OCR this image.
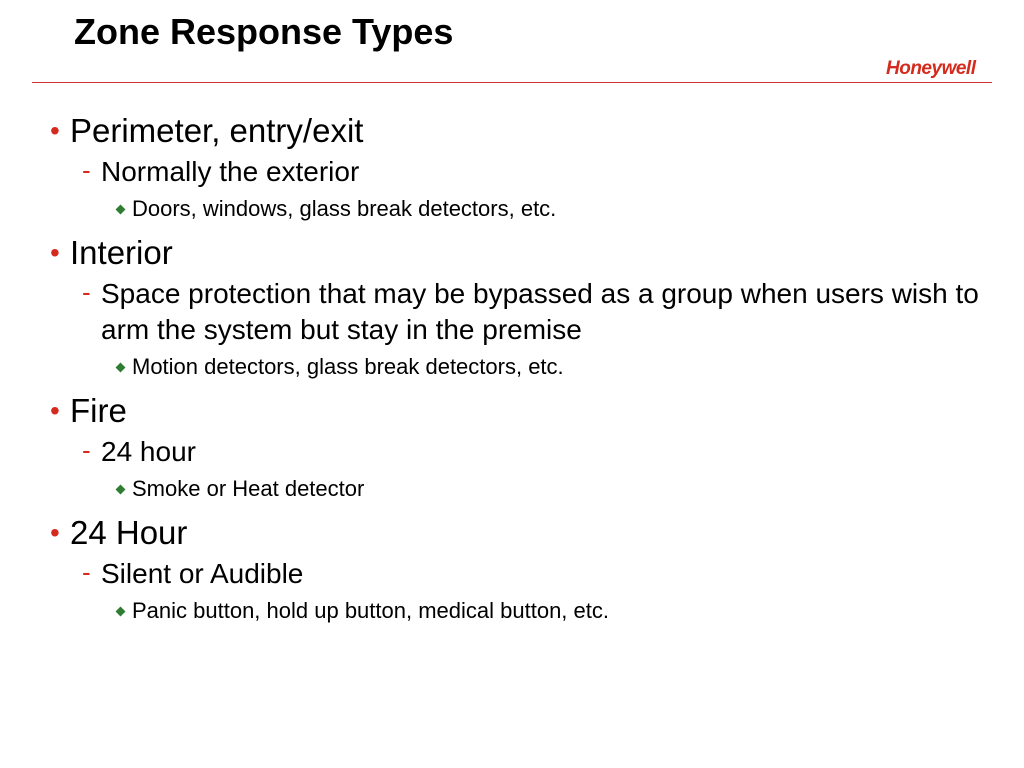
Zone Response Types
Honeywell
• Perimeter, entry/exit
- Normally the exterior
Doors, windows, glass break detectors, etc.
• Interior
- Space protection that may be bypassed as a group when users wish to arm the system but stay in the premise
Motion detectors, glass break detectors, etc.
• Fire
- 24 hour
Smoke or Heat detector
• 24 Hour
- Silent or Audible
Panic button, hold up button, medical button, etc.
